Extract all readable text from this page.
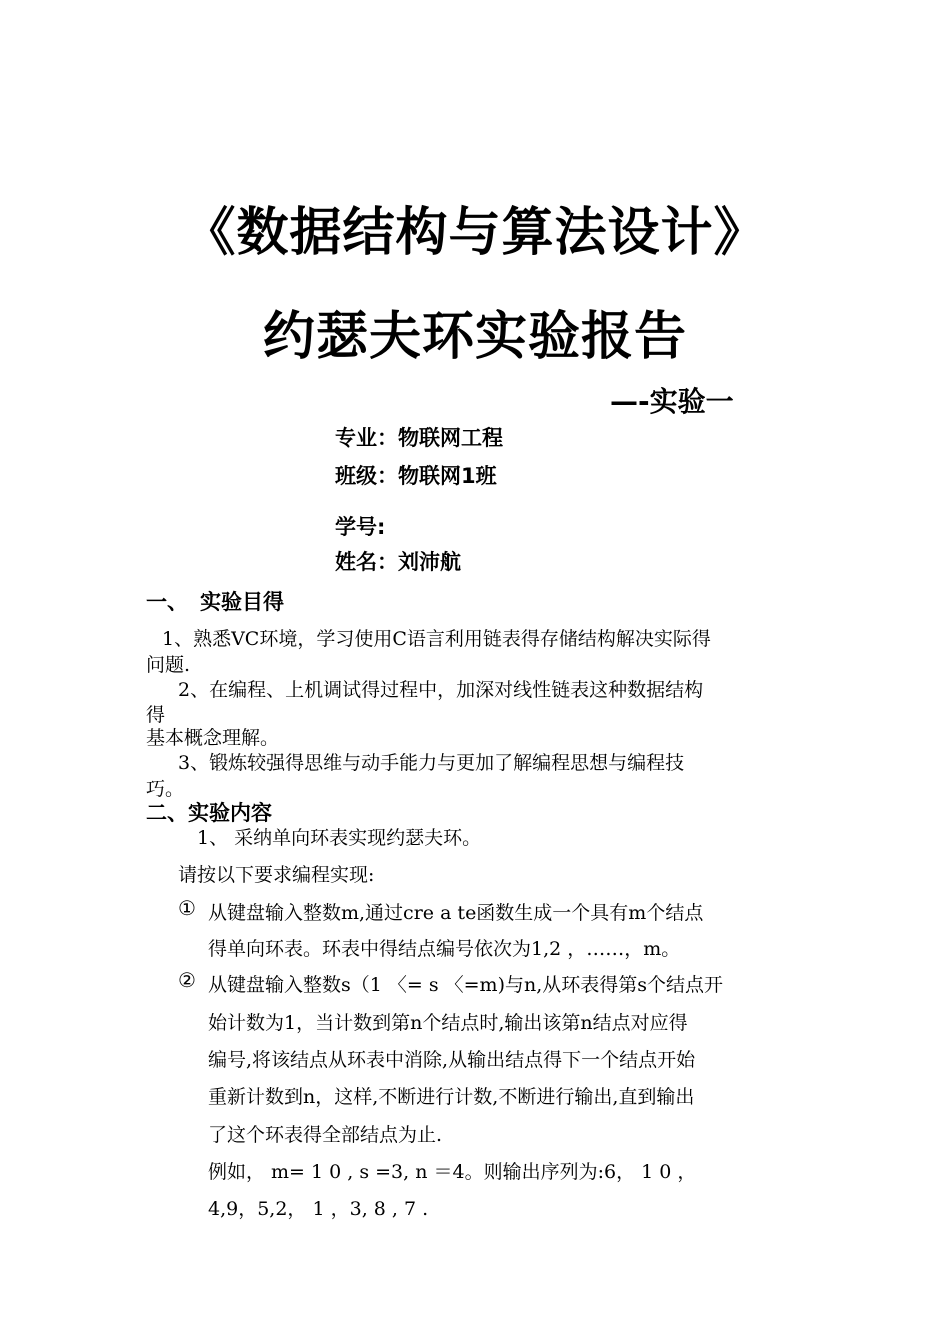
《数据结构与算法设计》
约瑟夫环实验报告
—-实验一
专业：物联网工程
班级：物联网1班
学号:
姓名：刘沛航
一、 实验目得
1、熟悉VC环境，学习使用C语言利用链表得存储结构解决实际得
问题.
2、在编程、上机调试得过程中，加深对线性链表这种数据结构
得
基本概念理解。
3、锻炼较强得思维与动手能力与更加了解编程思想与编程技
巧。
二、实验内容
1、 采纳单向环表实现约瑟夫环。
请按以下要求编程实现:
① 从键盘输入整数m,通过cre a te函数生成一个具有m个结点
得单向环表。环表中得结点编号依次为1,2 ，……，m。
② 从键盘输入整数s（1 〈= s 〈=m)与n,从环表得第s个结点开
始计数为1，当计数到第n个结点时,输出该第n结点对应得
编号,将该结点从环表中消除,从输出结点得下一个结点开始
重新计数到n，这样,不断进行计数,不断进行输出,直到输出
了这个环表得全部结点为止.
例如， m= 1 0 , s =3, n ＝4。则输出序列为:6， 1 0 ，
4,9，5,2， 1 ，3, 8 , 7 .
